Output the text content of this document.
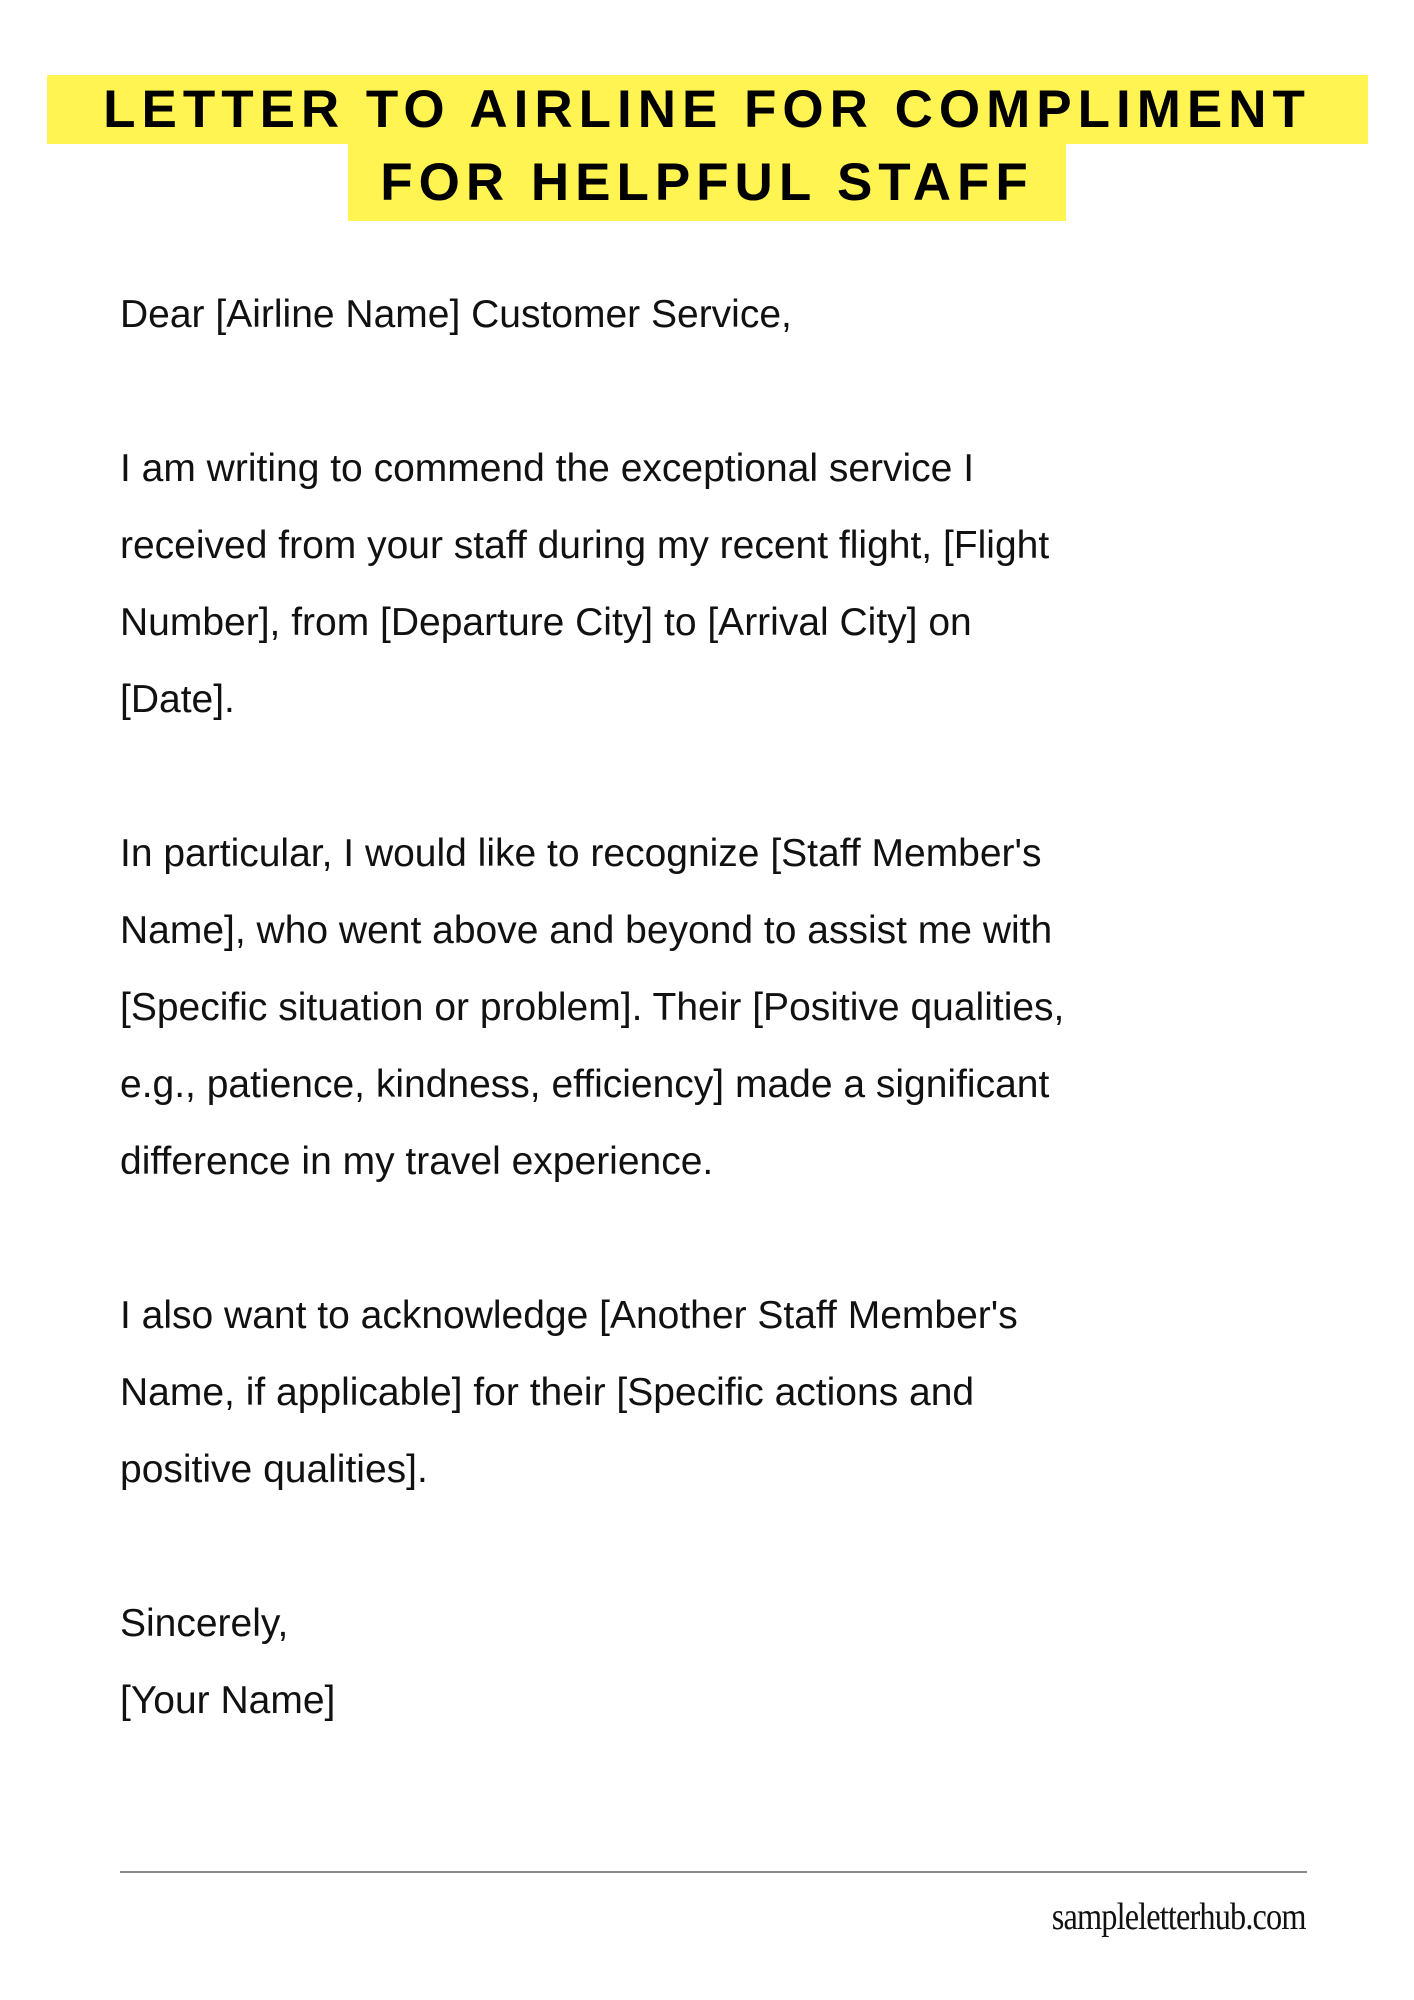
LETTER TO AIRLINE FOR COMPLIMENT
FOR HELPFUL STAFF
Dear [Airline Name] Customer Service,
I am writing to commend the exceptional service I
received from your staff during my recent flight, [Flight
Number], from [Departure City] to [Arrival City] on
[Date].
In particular, I would like to recognize [Staff Member's
Name], who went above and beyond to assist me with
[Specific situation or problem]. Their [Positive qualities,
e.g., patience, kindness, efficiency] made a significant
difference in my travel experience.
I also want to acknowledge [Another Staff Member's
Name, if applicable] for their [Specific actions and
positive qualities].
Sincerely,
[Your Name]
sampleletterhub.com
